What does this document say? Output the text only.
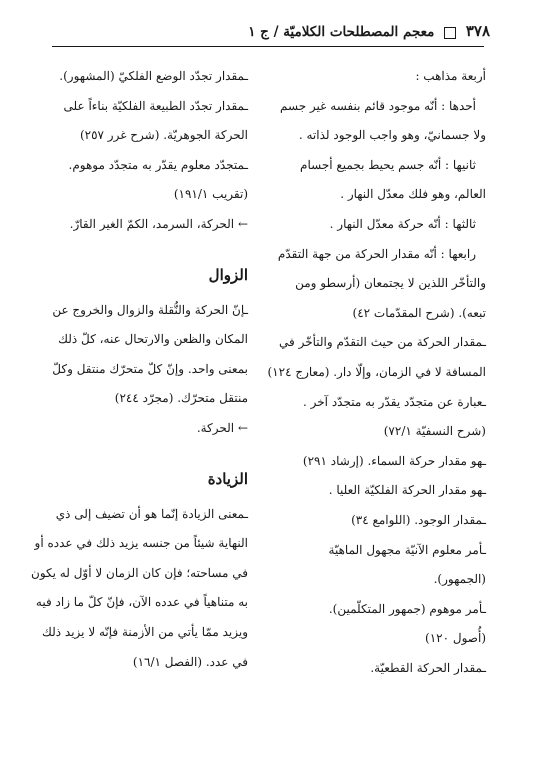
٣٧٨  معجم المصطلحات الكلاميّة / ج ١
أربعة مذاهب :
أحدها : أنّه موجود قائم بنفسه غير جسم
ولا جسمانيّ، وهو واجب الوجود لذاته .
ثانيها : أنّه جسم يحيط بجميع أجسام
العالم، وهو فلك معدّل النهار .
ثالثها : أنّه حركة معدّل النهار .
رابعها : أنّه مقدار الحركة من جهة التقدّم
والتأخّر اللذين لا يجتمعان (أرسطو ومن
تبعه). (شرح المقدّمات ٤٢)
ـمقدار الحركة من حيث التقدّم والتأخّر في
المسافة لا في الزمان، وإلّا دار. (معارج ١٢٤)
ـعبارة عن متجدّد يقدّر به متجدّد آخر .
(شرح النسفيّة ٧٢/١)
ـهو مقدار حركة السماء. (إرشاد ٢٩١)
ـهو مقدار الحركة الفلكيّة العليا .
ـمقدار الوجود. (اللوامع ٣٤)
ـأمر معلوم الآنيّة مجهول الماهيّة
(الجمهور).
ـأمر موهوم (جمهور المتكلّمين).
(أُصول ١٢٠)
ـمقدار الحركة القطعيّة.
ـمقدار تجدّد الوضع الفلكيّ (المشهور).
ـمقدار تجدّد الطبيعة الفلكيّة بناءاً على
الحركة الجوهريّة. (شرح غرر ٢٥٧)
ـمتجدّد معلوم يقدّر به متجدّد موهوم.
(تقريب ١٩١/١)
← الحركة، السرمد، الكمّ الغير القارّ.
الزوال
ـإنّ الحركة والنُّقلة والزوال والخروج عن
المكان والظعن والارتحال عنه، كلّ ذلك
بمعنى واحد. وإنّ كلّ متحرّك منتقل وكلّ
منتقل متحرّك. (مجرّد ٢٤٤)
← الحركة.
الزيادة
ـمعنى الزيادة إنّما هو أن تضيف إلى ذي
النهاية شيئاً من جنسه يزيد ذلك في عدده أو
في مساحته؛ فإن كان الزمان لا أوّل له يكون
به متناهياً في عدده الآن، فإنّ كلّ ما زاد فيه
ويزيد ممّا يأتي من الأزمنة فإنّه لا يزيد ذلك
في عدد. (الفصل ١٦/١)
